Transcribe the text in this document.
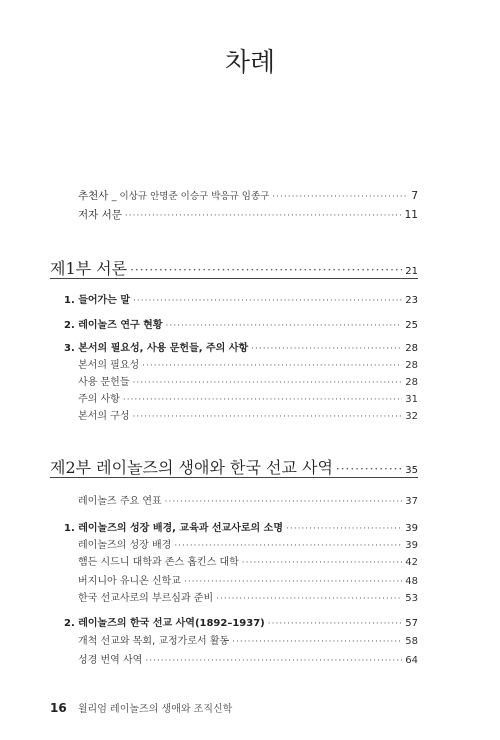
차례
추천사 _ 이상규 안명준 이승구 박응규 임종구 ·····	7
저자 서문 ·····	11
제1부 서론 ·····	21
1. 들어가는 말 ·····	23
2. 레이놀즈 연구 현황 ·····	25
3. 본서의 필요성, 사용 문헌들, 주의 사항 ·····	28
본서의 필요성 ·····	28
사용 문헌들 ·····	28
주의 사항 ·····	31
본서의 구성 ·····	32
제2부 레이놀즈의 생애와 한국 선교 사역 ·····	35
레이놀즈 주요 연표 ·····	37
1. 레이놀즈의 성장 배경, 교육과 선교사로의 소명 ·····	39
레이놀즈의 성장 배경 ·····	39
햄든 시드니 대학과 존스 홉킨스 대학 ·····	42
버지니아 유니온 신학교 ·····	48
한국 선교사로의 부르심과 준비 ·····	53
2. 레이놀즈의 한국 선교 사역(1892–1937) ·····	57
개척 선교와 목회, 교정가로서 활동 ·····	58
성경 번역 사역 ·····	64
16 윌리엄 레이놀즈의 생애와 조직신학
